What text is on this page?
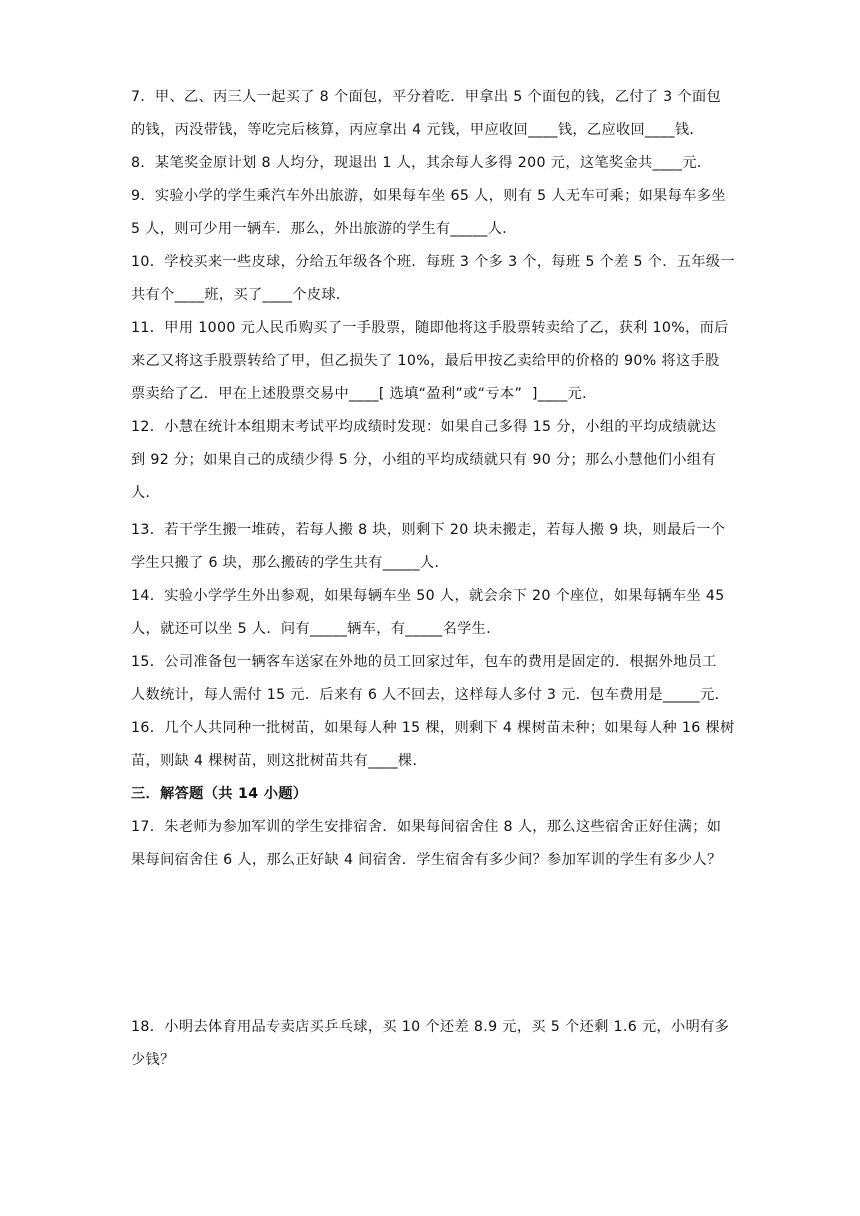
7．甲、乙、丙三人一起买了 8 个面包，平分着吃．甲拿出 5 个面包的钱，乙付了 3 个面包
的钱，丙没带钱，等吃完后核算，丙应拿出 4 元钱，甲应收回____钱，乙应收回____钱．
8．某笔奖金原计划 8 人均分，现退出 1 人，其余每人多得 200 元，这笔奖金共____元．
9．实验小学的学生乘汽车外出旅游，如果每车坐 65 人，则有 5 人无车可乘；如果每车多坐
5 人，则可少用一辆车．那么，外出旅游的学生有_____人．
10．学校买来一些皮球，分给五年级各个班．每班 3 个多 3 个，每班 5 个差 5 个．五年级一
共有个____班，买了____个皮球．
11．甲用 1000 元人民币购买了一手股票，随即他将这手股票转卖给了乙，获利 10%，而后
来乙又将这手股票转给了甲，但乙损失了 10%，最后甲按乙卖给甲的价格的 90% 将这手股
票卖给了乙．甲在上述股票交易中____[ 选填“盈利”或“亏本”  ]____元．
12．小慧在统计本组期末考试平均成绩时发现：如果自己多得 15 分，小组的平均成绩就达
到 92 分；如果自己的成绩少得 5 分，小组的平均成绩就只有 90 分；那么小慧他们小组有
人．
13．若干学生搬一堆砖，若每人搬 8 块，则剩下 20 块未搬走，若每人搬 9 块，则最后一个
学生只搬了 6 块，那么搬砖的学生共有_____人．
14．实验小学学生外出参观，如果每辆车坐 50 人，就会余下 20 个座位，如果每辆车坐 45
人，就还可以坐 5 人．问有_____辆车，有_____名学生．
15．公司准备包一辆客车送家在外地的员工回家过年，包车的费用是固定的．根据外地员工
人数统计，每人需付 15 元．后来有 6 人不回去，这样每人多付 3 元．包车费用是_____元．
16．几个人共同种一批树苗，如果每人种 15 棵，则剩下 4 棵树苗未种；如果每人种 16 棵树
苗，则缺 4 棵树苗，则这批树苗共有____棵．
三．解答题（共 14 小题）
17．朱老师为参加军训的学生安排宿舍．如果每间宿舍住 8 人，那么这些宿舍正好住满；如
果每间宿舍住 6 人，那么正好缺 4 间宿舍．学生宿舍有多少间？参加军训的学生有多少人？
18．小明去体育用品专卖店买乒乓球，买 10 个还差 8.9 元，买 5 个还剩 1.6 元，小明有多
少钱？
